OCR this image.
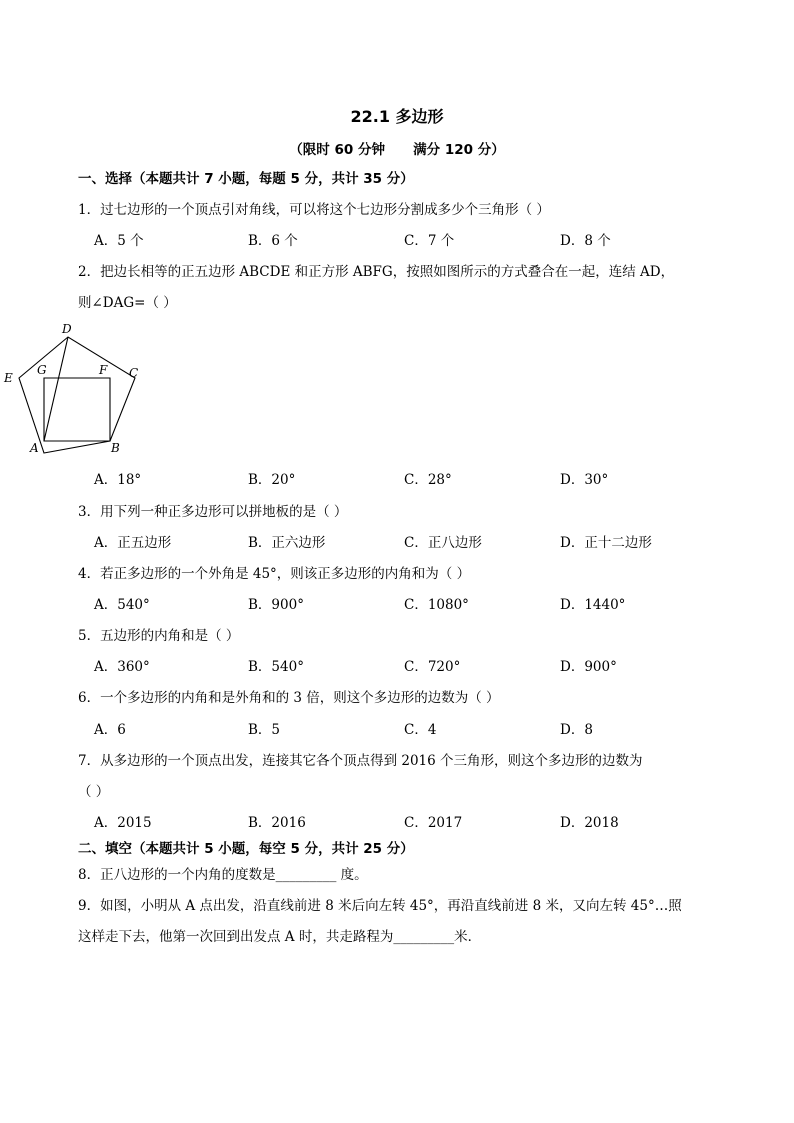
22.1 多边形
（限时 60 分钟      满分 120 分）
一、选择（本题共计 7 小题，每题 5 分，共计 35 分）
1．过七边形的一个顶点引对角线，可以将这个七边形分割成多少个三角形（ ）
A．5 个	B．6 个	C．7 个	D．8 个
2．把边长相等的正五边形 ABCDE 和正方形 ABFG，按照如图所示的方式叠合在一起，连结 AD，
则∠DAG=（ ）
D
E
G	F C
A	B
A．18°	B．20°	C．28°	D．30°
3．用下列一种正多边形可以拼地板的是（ ）
A．正五边形	B．正六边形	C．正八边形	D．正十二边形
4．若正多边形的一个外角是 45°，则该正多边形的内角和为（ ）
A．540°	B．900°	C．1080°	D．1440°
5．五边形的内角和是（ ）
A．360°	B．540°	C．720°	D．900°
6．一个多边形的内角和是外角和的 3 倍，则这个多边形的边数为（ ）
A．6	B．5	C．4	D．8
7．从多边形的一个顶点出发，连接其它各个顶点得到 2016 个三角形，则这个多边形的边数为
（ ）
A．2015	B．2016	C．2017	D．2018
二、填空（本题共计 5 小题，每空 5 分，共计 25 分）
8．正八边形的一个内角的度数是_________ 度。
9．如图，小明从 A 点出发，沿直线前进 8 米后向左转 45°，再沿直线前进 8 米，又向左转 45°…照
这样走下去，他第一次回到出发点 A 时，共走路程为_________米．
